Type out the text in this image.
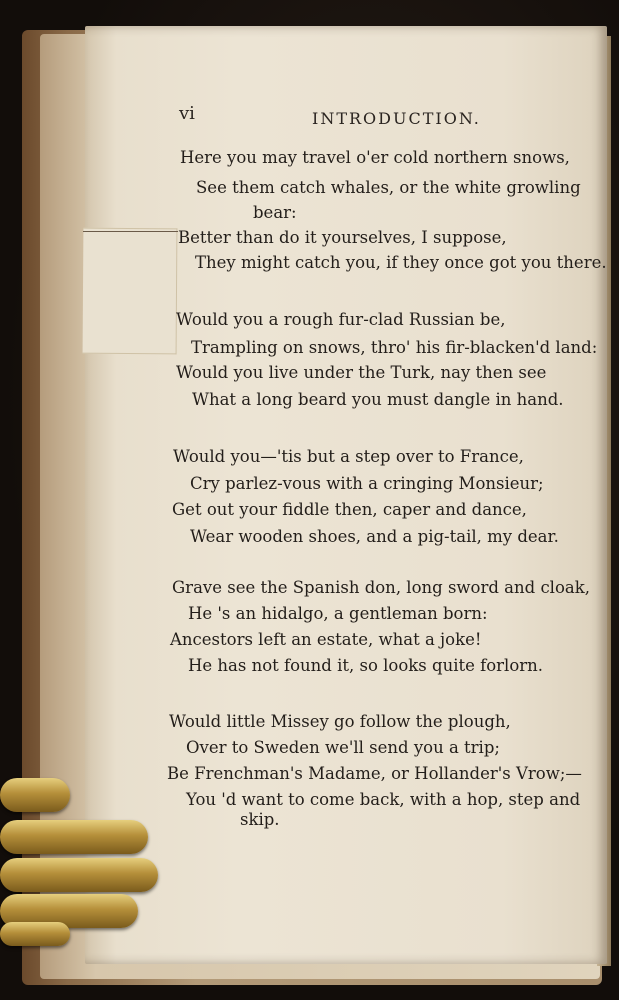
vi	INTRODUCTION.
Here you may travel o'er cold northern snows,
See them catch whales, or the white growling
bear:
Better than do it yourselves, I suppose,
They might catch you, if they once got you there.
Would you a rough fur-clad Russian be,
Trampling on snows, thro' his fir-blacken'd land:
Would you live under the Turk, nay then see
What a long beard you must dangle in hand.
Would you—'tis but a step over to France,
Cry parlez-vous with a cringing Monsieur;
Get out your fiddle then, caper and dance,
Wear wooden shoes, and a pig-tail, my dear.
Grave see the Spanish don, long sword and cloak,
He 's an hidalgo, a gentleman born:
Ancestors left an estate, what a joke!
He has not found it, so looks quite forlorn.
Would little Missey go follow the plough,
Over to Sweden we'll send you a trip;
Be Frenchman's Madame, or Hollander's Vrow;—
You 'd want to come back, with a hop, step and
skip.
